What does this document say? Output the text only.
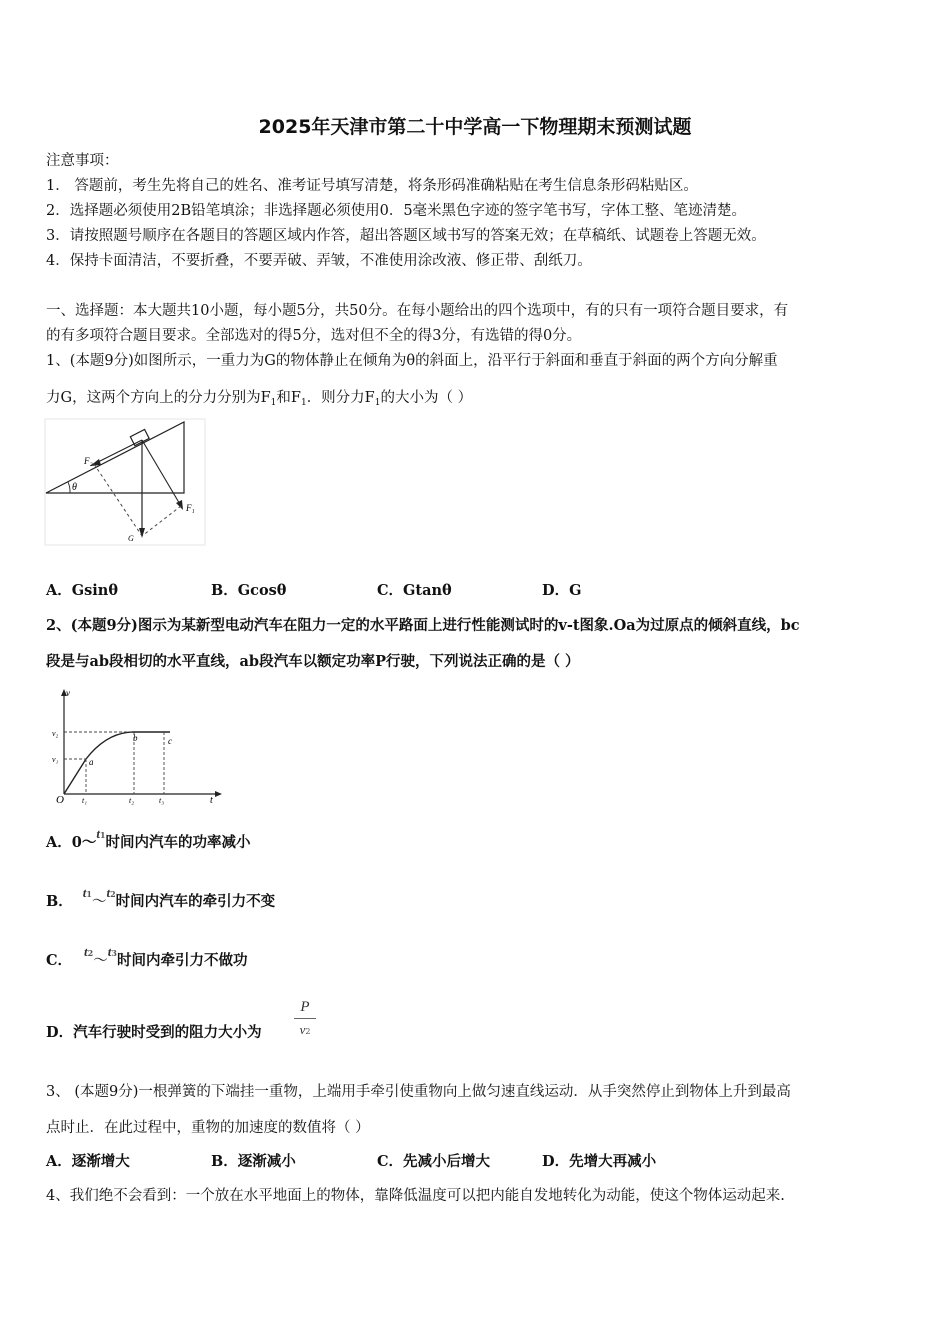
2025年天津市第二十中学高一下物理期末预测试题
注意事项：
1． 答题前，考生先将自己的姓名、准考证号填写清楚，将条形码准确粘贴在考生信息条形码粘贴区。
2．选择题必须使用2B铅笔填涂；非选择题必须使用0．5毫米黑色字迹的签字笔书写，字体工整、笔迹清楚。
3．请按照题号顺序在各题目的答题区域内作答，超出答题区域书写的答案无效；在草稿纸、试题卷上答题无效。
4．保持卡面清洁，不要折叠，不要弄破、弄皱，不准使用涂改液、修正带、刮纸刀。
一、选择题：本大题共10小题，每小题5分，共50分。在每小题给出的四个选项中，有的只有一项符合题目要求，有
的有多项符合题目要求。全部选对的得5分，选对但不全的得3分，有选错的得0分。
1、(本题9分)如图所示，一重力为G的物体静止在倾角为θ的斜面上，沿平行于斜面和垂直于斜面的两个方向分解重
力G，这两个方向上的分力分别为$F_1$和$F_1$．则分力$F_1$的大小为（ ）
F₂
θ
F₁
G
A．Gsinθ	B．Gcosθ	C．Gtanθ	D．G
2、(本题9分)图示为某新型电动汽车在阻力一定的水平路面上进行性能测试时的v-t图象.Oa为过原点的倾斜直线，bc
段是与ab段相切的水平直线，ab段汽车以额定功率P行驶，下列说法正确的是（ ）
v
v₂
v₁	a
b	c
O t₁	t₂	t₃	t
A．0～t1时间内汽车的功率减小
B．t1～t2时间内汽车的牵引力不变
C．t2～t3时间内牵引力不做功
D．汽车行驶时受到的阻力大小为
P
v2
3、 (本题9分)一根弹簧的下端挂一重物，上端用手牵引使重物向上做匀速直线运动．从手突然停止到物体上升到最高
点时止．在此过程中，重物的加速度的数值将（ ）
A．逐渐增大	B．逐渐减小	C．先减小后增大	D．先增大再减小
4、我们绝不会看到：一个放在水平地面上的物体，靠降低温度可以把内能自发地转化为动能，使这个物体运动起来.
